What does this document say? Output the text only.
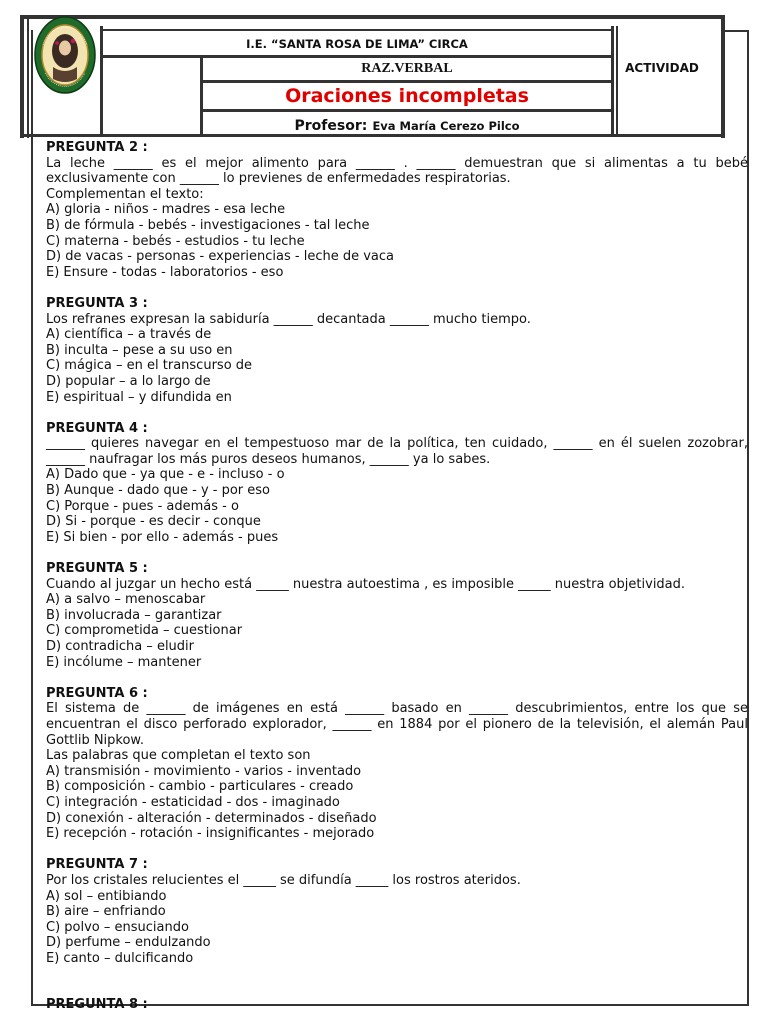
I.E. “SANTA ROSA DE LIMA” CIRCA
RAZ.VERBAL
Oraciones incompletas
Profesor: Eva María Cerezo Pilco
ACTIVIDAD
PREGUNTA 2 :
La leche ______ es el mejor alimento para ______ . ______ demuestran que si alimentas a tu bebé exclusivamente con ______ lo previenes de enfermedades respiratorias.
Complementan el texto:
A) gloria - niños - madres - esa leche
B) de fórmula - bebés - investigaciones - tal leche
C) materna - bebés - estudios - tu leche
D) de vacas - personas - experiencias - leche de vaca
E) Ensure - todas - laboratorios - eso
PREGUNTA 3 :
Los refranes expresan la sabiduría ______ decantada ______ mucho tiempo.
A) científica – a través de
B) inculta – pese a su uso en
C) mágica – en el transcurso de
D) popular – a lo largo de
E) espiritual – y difundida en
PREGUNTA 4 :
______ quieres navegar en el tempestuoso mar de la política, ten cuidado, ______ en él suelen zozobrar, ______ naufragar los más puros deseos humanos, ______ ya lo sabes.
A) Dado que - ya que - e - incluso - o
B) Aunque - dado que - y - por eso
C) Porque - pues - además - o
D) Si - porque - es decir - conque
E) Si bien - por ello - además - pues
PREGUNTA 5 :
Cuando al juzgar un hecho está _____ nuestra autoestima , es imposible _____ nuestra objetividad.
A) a salvo – menoscabar
B) involucrada – garantizar
C) comprometida – cuestionar
D) contradicha – eludir
E) incólume – mantener
PREGUNTA 6 :
El sistema de ______ de imágenes en está ______ basado en ______ descubrimientos, entre los que se encuentran el disco perforado explorador, ______ en 1884 por el pionero de la televisión, el alemán Paul Gottlib Nipkow.
Las palabras que completan el texto son
A) transmisión - movimiento - varios - inventado
B) composición - cambio - particulares - creado
C) integración - estaticidad - dos - imaginado
D) conexión - alteración - determinados - diseñado
E) recepción - rotación - insignificantes - mejorado
PREGUNTA 7 :
Por los cristales relucientes el _____ se difundía _____ los rostros ateridos.
A) sol – entibiando
B) aire – enfriando
C) polvo – ensuciando
D) perfume – endulzando
E) canto – dulcificando
PREGUNTA 8 :
